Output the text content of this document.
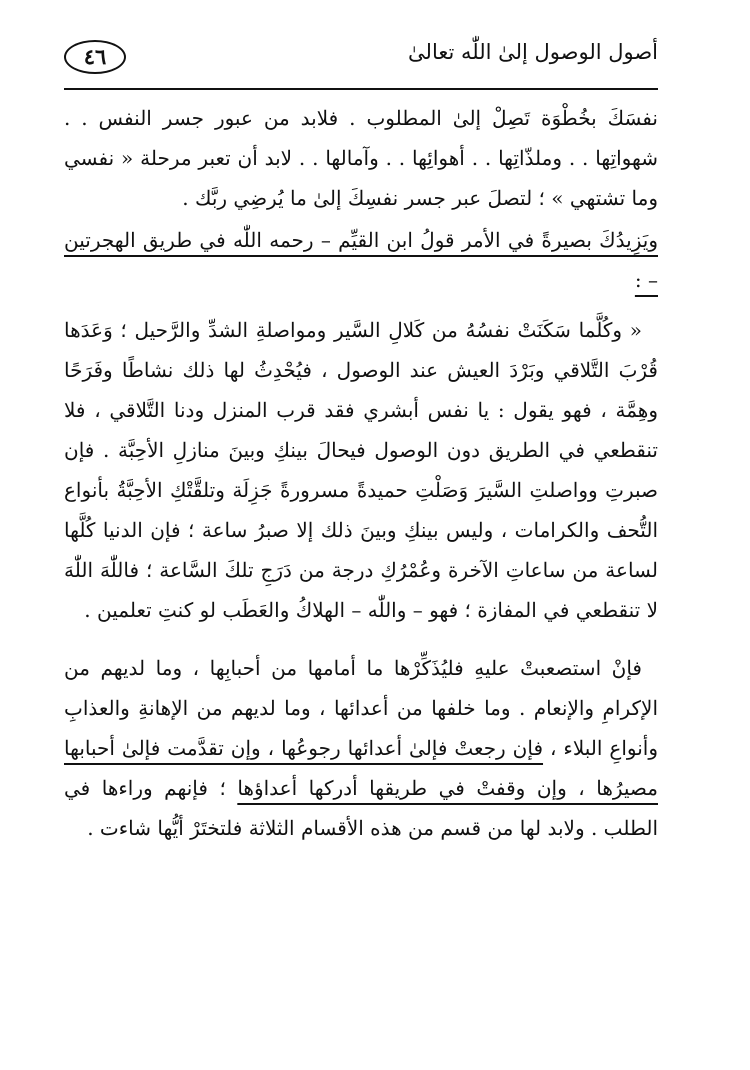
أصول الوصول إلىٰ اللّٰه تعالىٰ
٤٦

نفسَكَ بخُطْوَة تَصِلْ إلىٰ المطلوب . فلابد من عبور جسر النفس . . شهواتِها . . وملذّاتِها . . أهوائِها . . وآمالها . . لابد أن تعبر مرحلة « نفسي وما تشتهي » ؛ لتصلَ عبر جسر نفسِكَ إلىٰ ما يُرضِي ربَّك .

ويَزِيدُكَ بصيرةً في الأمر قولُ ابن القيِّم – رحمه اللّٰه في طريق الهجرتين – :

« وكُلَّما سَكَنَتْ نفسُهُ من كَلالِ السَّير ومواصلةِ الشدِّ والرَّحيل ؛ وَعَدَها قُرْبَ التَّلاقي وبَرْدَ العيش عند الوصول ، فيُحْدِثُ لها ذلك نشاطًا وفَرَحًا وهِمَّة ، فهو يقول : يا نفس أبشري فقد قرب المنزل ودنا التَّلاقي ، فلا تنقطعي في الطريق دون الوصول فيحالَ بينكِ وبينَ منازلِ الأحِبَّة . فإن صبرتِ وواصلتِ السَّيرَ وَصَلْتِ حميدةً مسرورةً جَزِلَة وتلقَّتْكِ الأحِبَّةُ بأنواع التُّحف والكرامات ، وليس بينكِ وبينَ ذلك إلا صبرُ ساعة ؛ فإن الدنيا كُلَّها لساعة من ساعاتِ الآخرة وعُمْرُكِ درجة من دَرَجِ تلكَ السَّاعة ؛ فاللّٰهَ اللّٰهَ لا تنقطعي في المفازة ؛ فهو – واللّٰه – الهلاكُ والعَطَب لو كنتِ تعلمين .

فإنْ استصعبتْ عليهِ فليُذَكِّرْها ما أمامها من أحبابِها ، وما لديهم من الإكرامِ والإنعام . وما خلفها من أعدائها ، وما لديهم من الإهانةِ والعذابِ وأنواعِ البلاء ، فإن رجعتْ فإلىٰ أعدائها رجوعُها ، وإن تقدَّمت فإلىٰ أحبابها مصيرُها ، وإن وقفتْ في طريقها أدركها أعداؤها ؛ فإنهم وراءها في الطلب . ولابد لها من قسم من هذه الأقسام الثلاثة فلتختَرْ أيُّها شاءت .
